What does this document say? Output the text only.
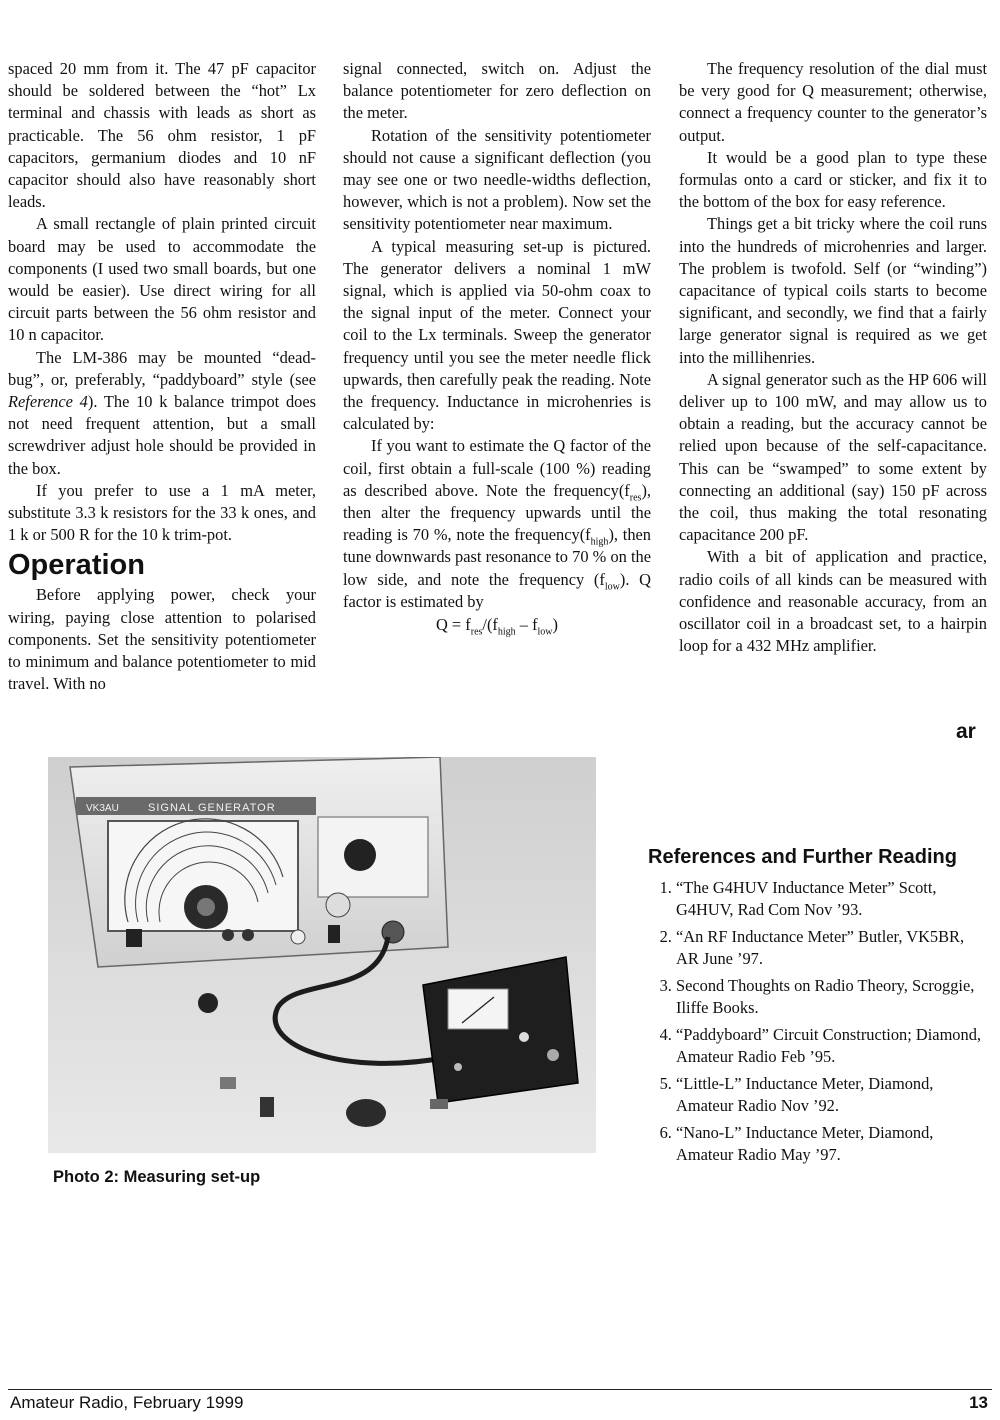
spaced 20 mm from it. The 47 pF capacitor should be soldered between the “hot” Lx terminal and chassis with leads as short as practicable. The 56 ohm resistor, 1 pF capacitors, germanium diodes and 10 nF capacitor should also have reasonably short leads.

A small rectangle of plain printed circuit board may be used to accommodate the components (I used two small boards, but one would be easier). Use direct wiring for all circuit parts between the 56 ohm resistor and 10 n capacitor.

The LM-386 may be mounted “dead-bug”, or, preferably, “paddyboard” style (see Reference 4). The 10 k balance trimpot does not need frequent attention, but a small screwdriver adjust hole should be provided in the box.

If you prefer to use a 1 mA meter, substitute 3.3 k resistors for the 33 k ones, and 1 k or 500 R for the 10 k trim-pot.

Operation

Before applying power, check your wiring, paying close attention to polarised components. Set the sensitivity potentiometer to minimum and balance potentiometer to mid travel. With no

signal connected, switch on. Adjust the balance potentiometer for zero deflection on the meter.

Rotation of the sensitivity potentiometer should not cause a significant deflection (you may see one or two needle-widths deflection, however, which is not a problem). Now set the sensitivity potentiometer near maximum.

A typical measuring set-up is pictured. The generator delivers a nominal 1 mW signal, which is applied via 50-ohm coax to the signal input of the meter. Connect your coil to the Lx terminals. Sweep the generator frequency until you see the meter needle flick upwards, then carefully peak the reading. Note the frequency. Inductance in microhenries is calculated by:

If you want to estimate the Q factor of the coil, first obtain a full-scale (100 %) reading as described above. Note the $frequency(f_{res})$, then alter the frequency upwards until the reading is 70 %, note the $frequency(f_{high})$, then tune downwards past resonance to 70 % on the low side, and note the frequency $(f_{low})$. Q factor is estimated by

$Q = f_{res}/(f_{high} - f_{low})$

The frequency resolution of the dial must be very good for Q measurement; otherwise, connect a frequency counter to the generator’s output.

It would be a good plan to type these formulas onto a card or sticker, and fix it to the bottom of the box for easy reference.

Things get a bit tricky where the coil runs into the hundreds of microhenries and larger. The problem is twofold. Self (or “winding”) capacitance of typical coils starts to become significant, and secondly, we find that a fairly large generator signal is required as we get into the millihenries.

A signal generator such as the HP 606 will deliver up to 100 mW, and may allow us to obtain a reading, but the accuracy cannot be relied upon because of the self-capacitance. This can be “swamped” to some extent by connecting an additional (say) 150 pF across the coil, thus making the total resonating capacitance 200 pF.

With a bit of application and practice, radio coils of all kinds can be measured with confidence and reasonable accuracy, from an oscillator coil in a broadcast set, to a hairpin loop for a 432 MHz amplifier.

ar
VK3AU	SIGNAL GENERATOR
Photo 2: Measuring set-up
References and Further Reading
1. “The G4HUV Inductance Meter” Scott, G4HUV, Rad Com Nov ’93.
2. “An RF Inductance Meter” Butler, VK5BR, AR June ’97.
3. Second Thoughts on Radio Theory, Scroggie, Iliffe Books.
4. “Paddyboard” Circuit Construction; Diamond, Amateur Radio Feb ’95.
5. “Little-L” Inductance Meter, Diamond, Amateur Radio Nov ’92.
6. “Nano-L” Inductance Meter, Diamond, Amateur Radio May ’97.
Amateur Radio, February 1999	13
